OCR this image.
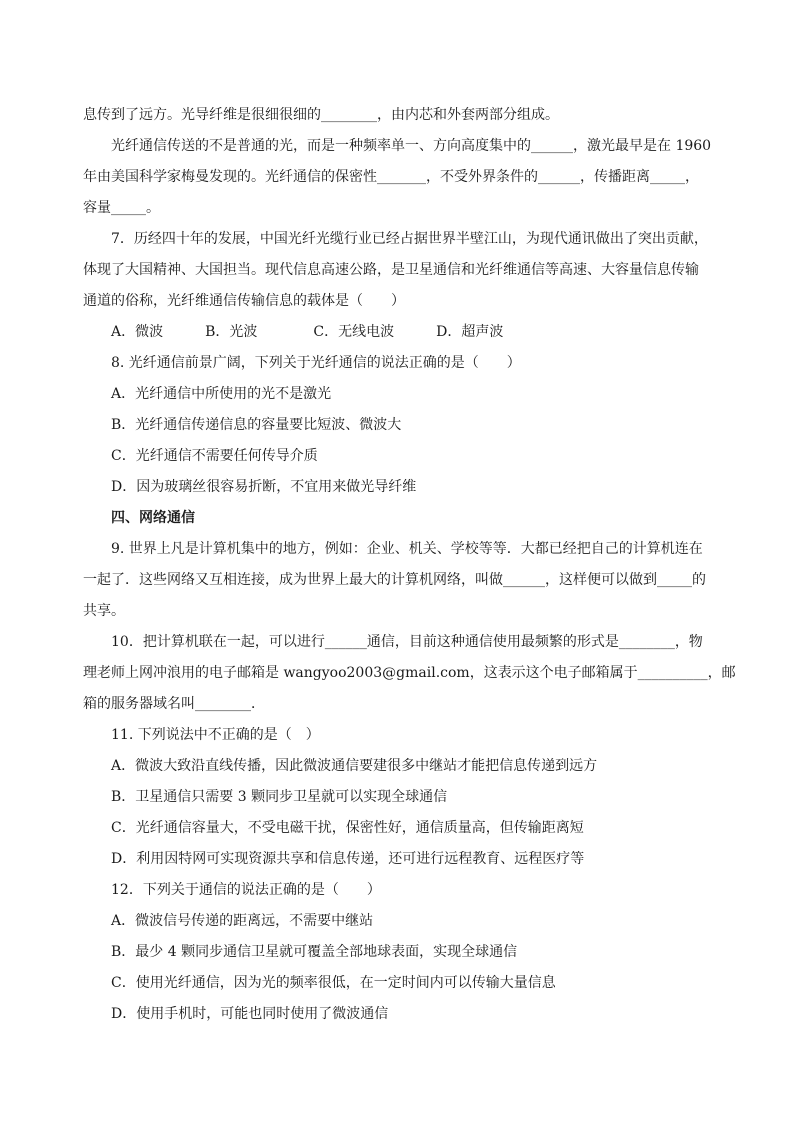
息传到了远方。光导纤维是很细很细的________，由内芯和外套两部分组成。
光纤通信传送的不是普通的光，而是一种频率单一、方向高度集中的______，激光最早是在 1960
年由美国科学家梅曼发现的。光纤通信的保密性_______，不受外界条件的______，传播距离_____，
容量_____。
7．历经四十年的发展，中国光纤光缆行业已经占据世界半壁江山，为现代通讯做出了突出贡献，
体现了大国精神、大国担当。现代信息高速公路，是卫星通信和光纤维通信等高速、大容量信息传输
通道的俗称，光纤维通信传输信息的载体是（　　）
A．微波　　　B．光波　　　　C．无线电波　　　D．超声波
8. 光纤通信前景广阔，下列关于光纤通信的说法正确的是（　　）
A．光纤通信中所使用的光不是激光
B．光纤通信传递信息的容量要比短波、微波大
C．光纤通信不需要任何传导介质
D．因为玻璃丝很容易折断，不宜用来做光导纤维
四、网络通信
9. 世界上凡是计算机集中的地方，例如：企业、机关、学校等等．大都已经把自己的计算机连在
一起了．这些网络又互相连接，成为世界上最大的计算机网络，叫做______，这样便可以做到_____的
共享。
10．把计算机联在一起，可以进行______通信，目前这种通信使用最频繁的形式是________，物
理老师上网冲浪用的电子邮箱是 wangyoo2003@gmail.com，这表示这个电子邮箱属于__________，邮
箱的服务器域名叫________．
11. 下列说法中不正确的是（　）
A．微波大致沿直线传播，因此微波通信要建很多中继站才能把信息传递到远方
B．卫星通信只需要 3 颗同步卫星就可以实现全球通信
C．光纤通信容量大，不受电磁干扰，保密性好，通信质量高，但传输距离短
D．利用因特网可实现资源共享和信息传递，还可进行远程教育、远程医疗等
12．下列关于通信的说法正确的是（　　）
A．微波信号传递的距离远，不需要中继站
B．最少 4 颗同步通信卫星就可覆盖全部地球表面，实现全球通信
C．使用光纤通信，因为光的频率很低，在一定时间内可以传输大量信息
D．使用手机时，可能也同时使用了微波通信
